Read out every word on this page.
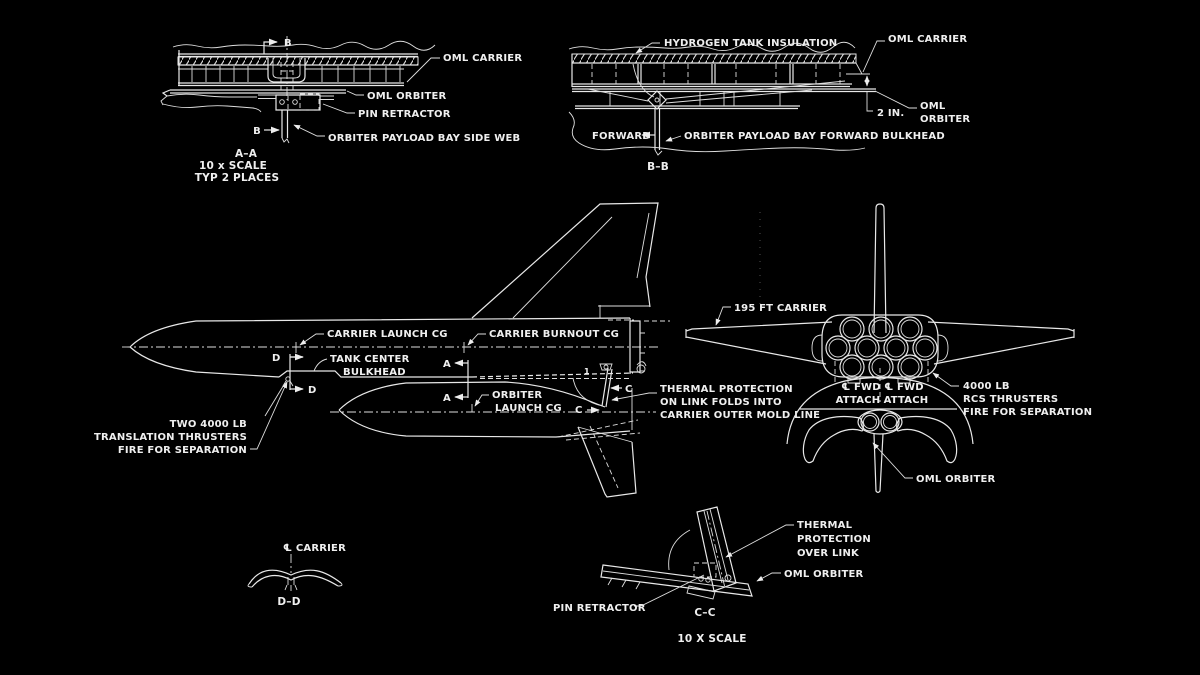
B
B
OML CARRIER
OML ORBITER
PIN RETRACTOR
ORBITER PAYLOAD BAY SIDE WEB
A–A
10 x SCALE
TYP 2 PLACES
2 IN.
HYDROGEN TANK INSULATION	OML CARRIER
OML
ORBITER
FORWARD	ORBITER PAYLOAD BAY FORWARD BULKHEAD
B–B
D
D
A
A
1
C
C
CARRIER LAUNCH CG
TANK CENTER
BULKHEAD
CARRIER BURNOUT CG
ORBITER
LAUNCH CG
TWO 4000 LB
TRANSLATION THRUSTERS
FIRE FOR SEPARATION
THERMAL PROTECTION
ON LINK FOLDS INTO
CARRIER OUTER MOLD LINE
195 FT CARRIER
℄ FWD
ATTACH
℄ FWD
ATTACH
4000 LB
RCS THRUSTERS
FIRE FOR SEPARATION
OML ORBITER
℄ CARRIER
D–D
THERMAL
PROTECTION
OVER LINK
OML ORBITER
PIN RETRACTOR	C–C
10 X SCALE
